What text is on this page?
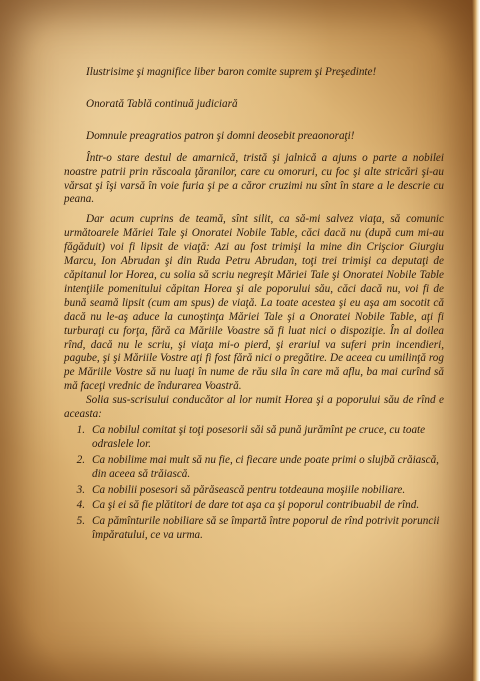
Ilustrisime şi magnifice liber baron comite suprem şi Preşedinte!

Onorată Tablă continuă judiciară

Domnule preagratios patron şi domni deosebit preaonoraţi!

Într-o stare destul de amarnică, tristă şi jalnică a ajuns o parte a nobilei noastre patrii prin răscoala ţăranilor, care cu omoruri, cu foc şi alte stricări şi-au vărsat şi îşi varsă în voie furia şi pe a căror cruzimi nu sînt în stare a le descrie cu peana.

Dar acum cuprins de teamă, sînt silit, ca să-mi salvez viaţa, să comunic următoarele Măriei Tale şi Onoratei Nobile Table, căci dacă nu (după cum mi-au făgăduit) voi fi lipsit de viaţă: Azi au fost trimişi la mine din Crişcior Giurgiu Marcu, Ion Abrudan şi din Ruda Petru Abrudan, toţi trei trimişi ca deputaţi de căpitanul lor Horea, cu solia să scriu negreşit Măriei Tale şi Onoratei Nobile Table intenţiile pomenitului căpitan Horea şi ale poporului său, căci dacă nu, voi fi de bună seamă lipsit (cum am spus) de viaţă. La toate acestea şi eu aşa am socotit că dacă nu le-aş aduce la cunoştinţa Măriei Tale şi a Onoratei Nobile Table, aţi fi turburaţi cu forţa, fără ca Măriile Voastre să fi luat nici o dispoziţie. În al doilea rînd, dacă nu le scriu, şi viaţa mi-o pierd, şi erariul va suferi prin incendieri, pagube, şi şi Măriile Vostre aţi fi fost fără nici o pregătire. De aceea cu umilinţă rog pe Măriile Vostre să nu luaţi în nume de rău sila în care mă aflu, ba mai curînd să mă faceţi vrednic de îndurarea Voastră.

Solia sus-scrisului conducător al lor numit Horea şi a poporului său de rînd e aceasta:

1. Ca nobilul comitat şi toţi posesorii săi să pună jurămînt pe cruce, cu toate odraslele lor.
2. Ca nobilime mai mult să nu fie, ci fiecare unde poate primi o slujbă crăiască, din aceea să trăiască.
3. Ca nobilii posesori să părăsească pentru totdeauna moşiile nobiliare.
4. Ca şi ei să fie plătitori de dare tot aşa ca şi poporul contribuabil de rînd.
5. Ca pămînturile nobiliare să se împartă între poporul de rînd potrivit poruncii împăratului, ce va urma.
